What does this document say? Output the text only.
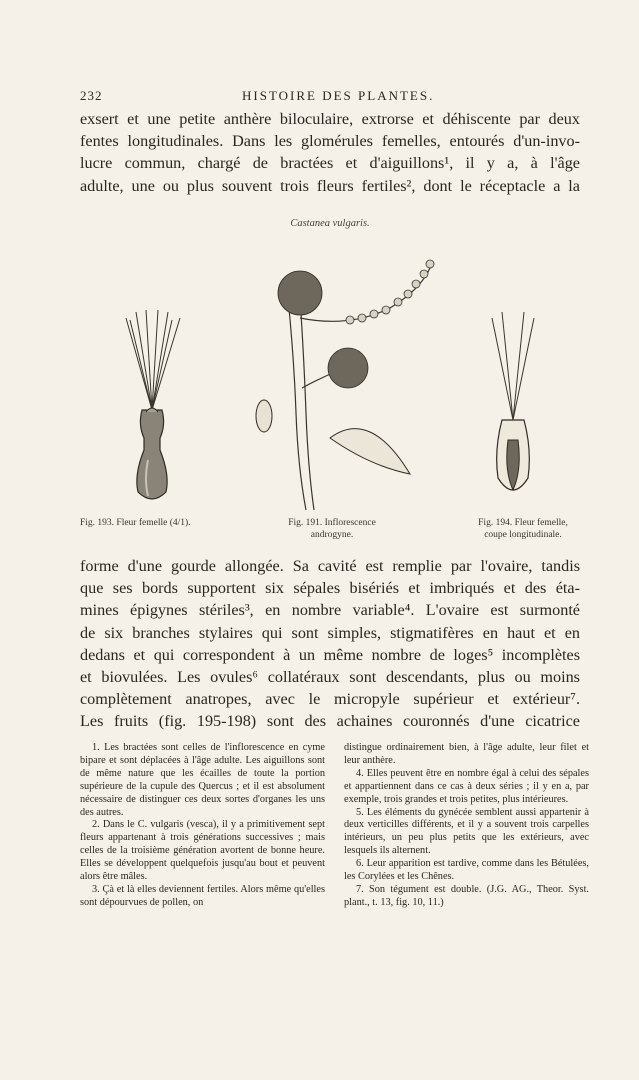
232	HISTOIRE DES PLANTES.
exsert et une petite anthère biloculaire, extrorse et déhiscente par deux
fentes longitudinales. Dans les glomérules femelles, entourés d'un-invo-
lucre commun, chargé de bractées et d'aiguillons¹, il y a, à l'âge
adulte, une ou plus souvent trois fleurs fertiles², dont le réceptacle a la
Castanea vulgaris.
Fig. 193. Fleur femelle (4/1).	Fig. 191. Inflorescence
androgyne.
Fig. 194. Fleur femelle,
coupe longitudinale.
forme d'une gourde allongée. Sa cavité est remplie par l'ovaire, tandis
que ses bords supportent six sépales bisériés et imbriqués et des éta-
mines épigynes stériles³, en nombre variable⁴. L'ovaire est surmonté
de six branches stylaires qui sont simples, stigmatifères en haut et en
dedans et qui correspondent à un même nombre de loges⁵ incomplètes
et biovulées. Les ovules⁶ collatéraux sont descendants, plus ou moins
complètement anatropes, avec le micropyle supérieur et extérieur⁷.
Les fruits (fig. 195-198) sont des achaines couronnés d'une cicatrice

1. Les bractées sont celles de l'inflorescence en cyme bipare et sont déplacées à l'âge adulte. Les aiguillons sont de même nature que les écailles de toute la portion supérieure de la cupule des Quercus ; et il est absolument nécessaire de distinguer ces deux sortes d'organes les uns des autres.

2. Dans le C. vulgaris (vesca), il y a primitivement sept fleurs appartenant à trois générations successives ; mais celles de la troisième génération avortent de bonne heure. Elles se développent quelquefois jusqu'au bout et peuvent alors être mâles.

3. Çà et là elles deviennent fertiles. Alors même qu'elles sont dépourvues de pollen, on

distingue ordinairement bien, à l'âge adulte, leur filet et leur anthère.

4. Elles peuvent être en nombre égal à celui des sépales et appartiennent dans ce cas à deux séries ; il y en a, par exemple, trois grandes et trois petites, plus intérieures.

5. Les éléments du gynécée semblent aussi appartenir à deux verticilles différents, et il y a souvent trois carpelles intérieurs, un peu plus petits que les extérieurs, avec lesquels ils alternent.

6. Leur apparition est tardive, comme dans les Bétulées, les Corylées et les Chênes.

7. Son tégument est double. (J.G. AG., Theor. Syst. plant., t. 13, fig. 10, 11.)
